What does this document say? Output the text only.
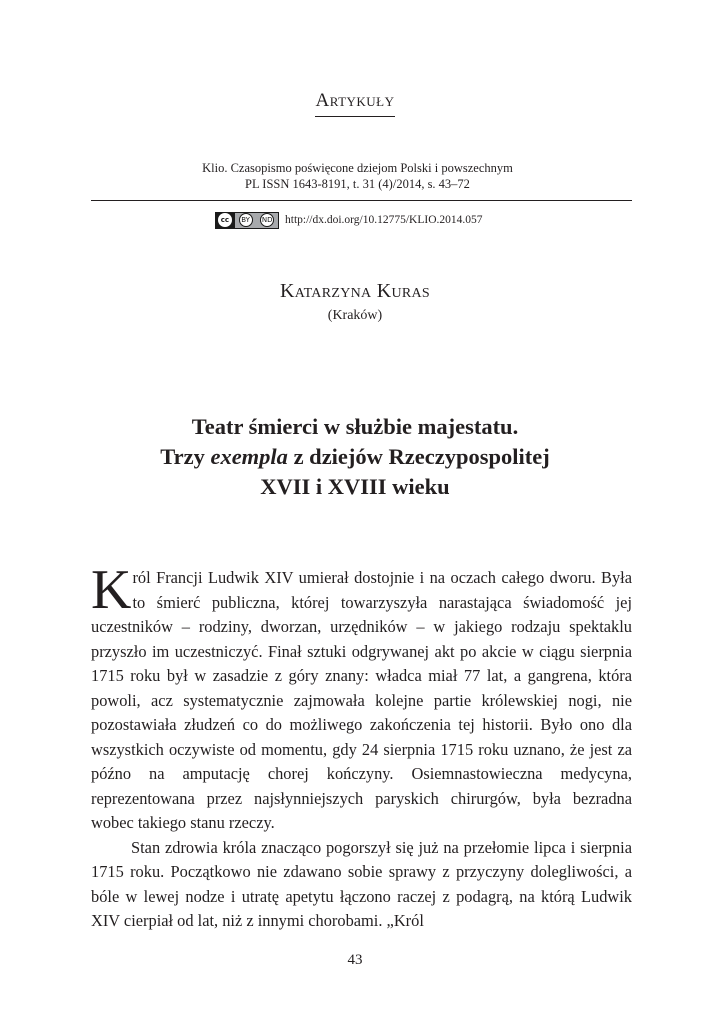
Artykuły
Klio. Czasopismo poświęcone dziejom Polski i powszechnym
PL ISSN 1643-8191, t. 31 (4)/2014, s. 43–72
cc	BY	ND http://dx.doi.org/10.12775/KLIO.2014.057
Katarzyna Kuras
(Kraków)
Teatr śmierci w służbie majestatu.
Trzy exempla z dziejów Rzeczypospolitej
XVII i XVIII wieku

Król Francji Ludwik XIV umierał dostojnie i na oczach całego dworu. Była to śmierć publiczna, której towarzyszyła narastająca świadomość jej uczestników – rodziny, dworzan, urzędników – w jakiego rodzaju spektaklu przyszło im uczestniczyć. Finał sztuki odgrywanej akt po akcie w ciągu sierpnia 1715 roku był w zasadzie z góry znany: władca miał 77 lat, a gangrena, która powoli, acz systematycznie zajmowała kolejne partie królewskiej nogi, nie pozostawiała złudzeń co do możliwego zakończenia tej historii. Było ono dla wszystkich oczywiste od momentu, gdy 24 sierpnia 1715 roku uznano, że jest za późno na amputację chorej kończyny. Osiemnastowieczna medycyna, reprezentowana przez najsłynniejszych paryskich chirurgów, była bezradna wobec takiego stanu rzeczy.

Stan zdrowia króla znacząco pogorszył się już na przełomie lipca i sierpnia 1715 roku. Początkowo nie zdawano sobie sprawy z przyczyny dolegliwości, a bóle w lewej nodze i utratę apetytu łączono raczej z podagrą, na którą Ludwik XIV cierpiał od lat, niż z innymi chorobami. „Król

43
